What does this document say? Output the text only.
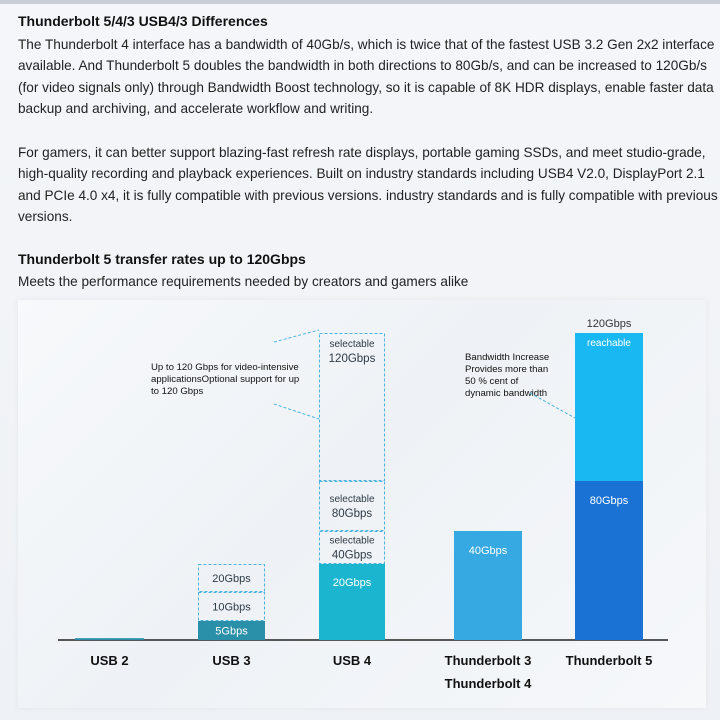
Thunderbolt 5/4/3 USB4/3 Differences

The Thunderbolt 4 interface has a bandwidth of 40Gb/s, which is twice that of the fastest USB 3.2 Gen 2x2 interface available. And Thunderbolt 5 doubles the bandwidth in both directions to 80Gb/s, and can be increased to 120Gb/s (for video signals only) through Bandwidth Boost technology, so it is capable of 8K HDR displays, enable faster data backup and archiving, and accelerate workflow and writing.

For gamers, it can better support blazing-fast refresh rate displays, portable gaming SSDs, and meet studio-grade, high-quality recording and playback experiences. Built on industry standards including USB4 V2.0, DisplayPort 2.1 and PCIe 4.0 x4, it is fully compatible with previous versions. industry standards and is fully compatible with previous versions.

Thunderbolt 5 transfer rates up to 120Gbps

Meets the performance requirements needed by creators and gamers alike

5Gbps
10Gbps
20Gbps	20Gbps
selectable
40Gbps
selectable
80Gbps
selectable
120Gbps
40Gbps
80Gbps
reachable
120Gbps
USB 2	USB 3	USB 4	Thunderbolt 3
Thunderbolt 4
Thunderbolt 5
Up to 120 Gbps for video-intensive
applicationsOptional support for up
to 120 Gbps
Bandwidth Increase
Provides more than
50 % cent of
dynamic bandwidth
